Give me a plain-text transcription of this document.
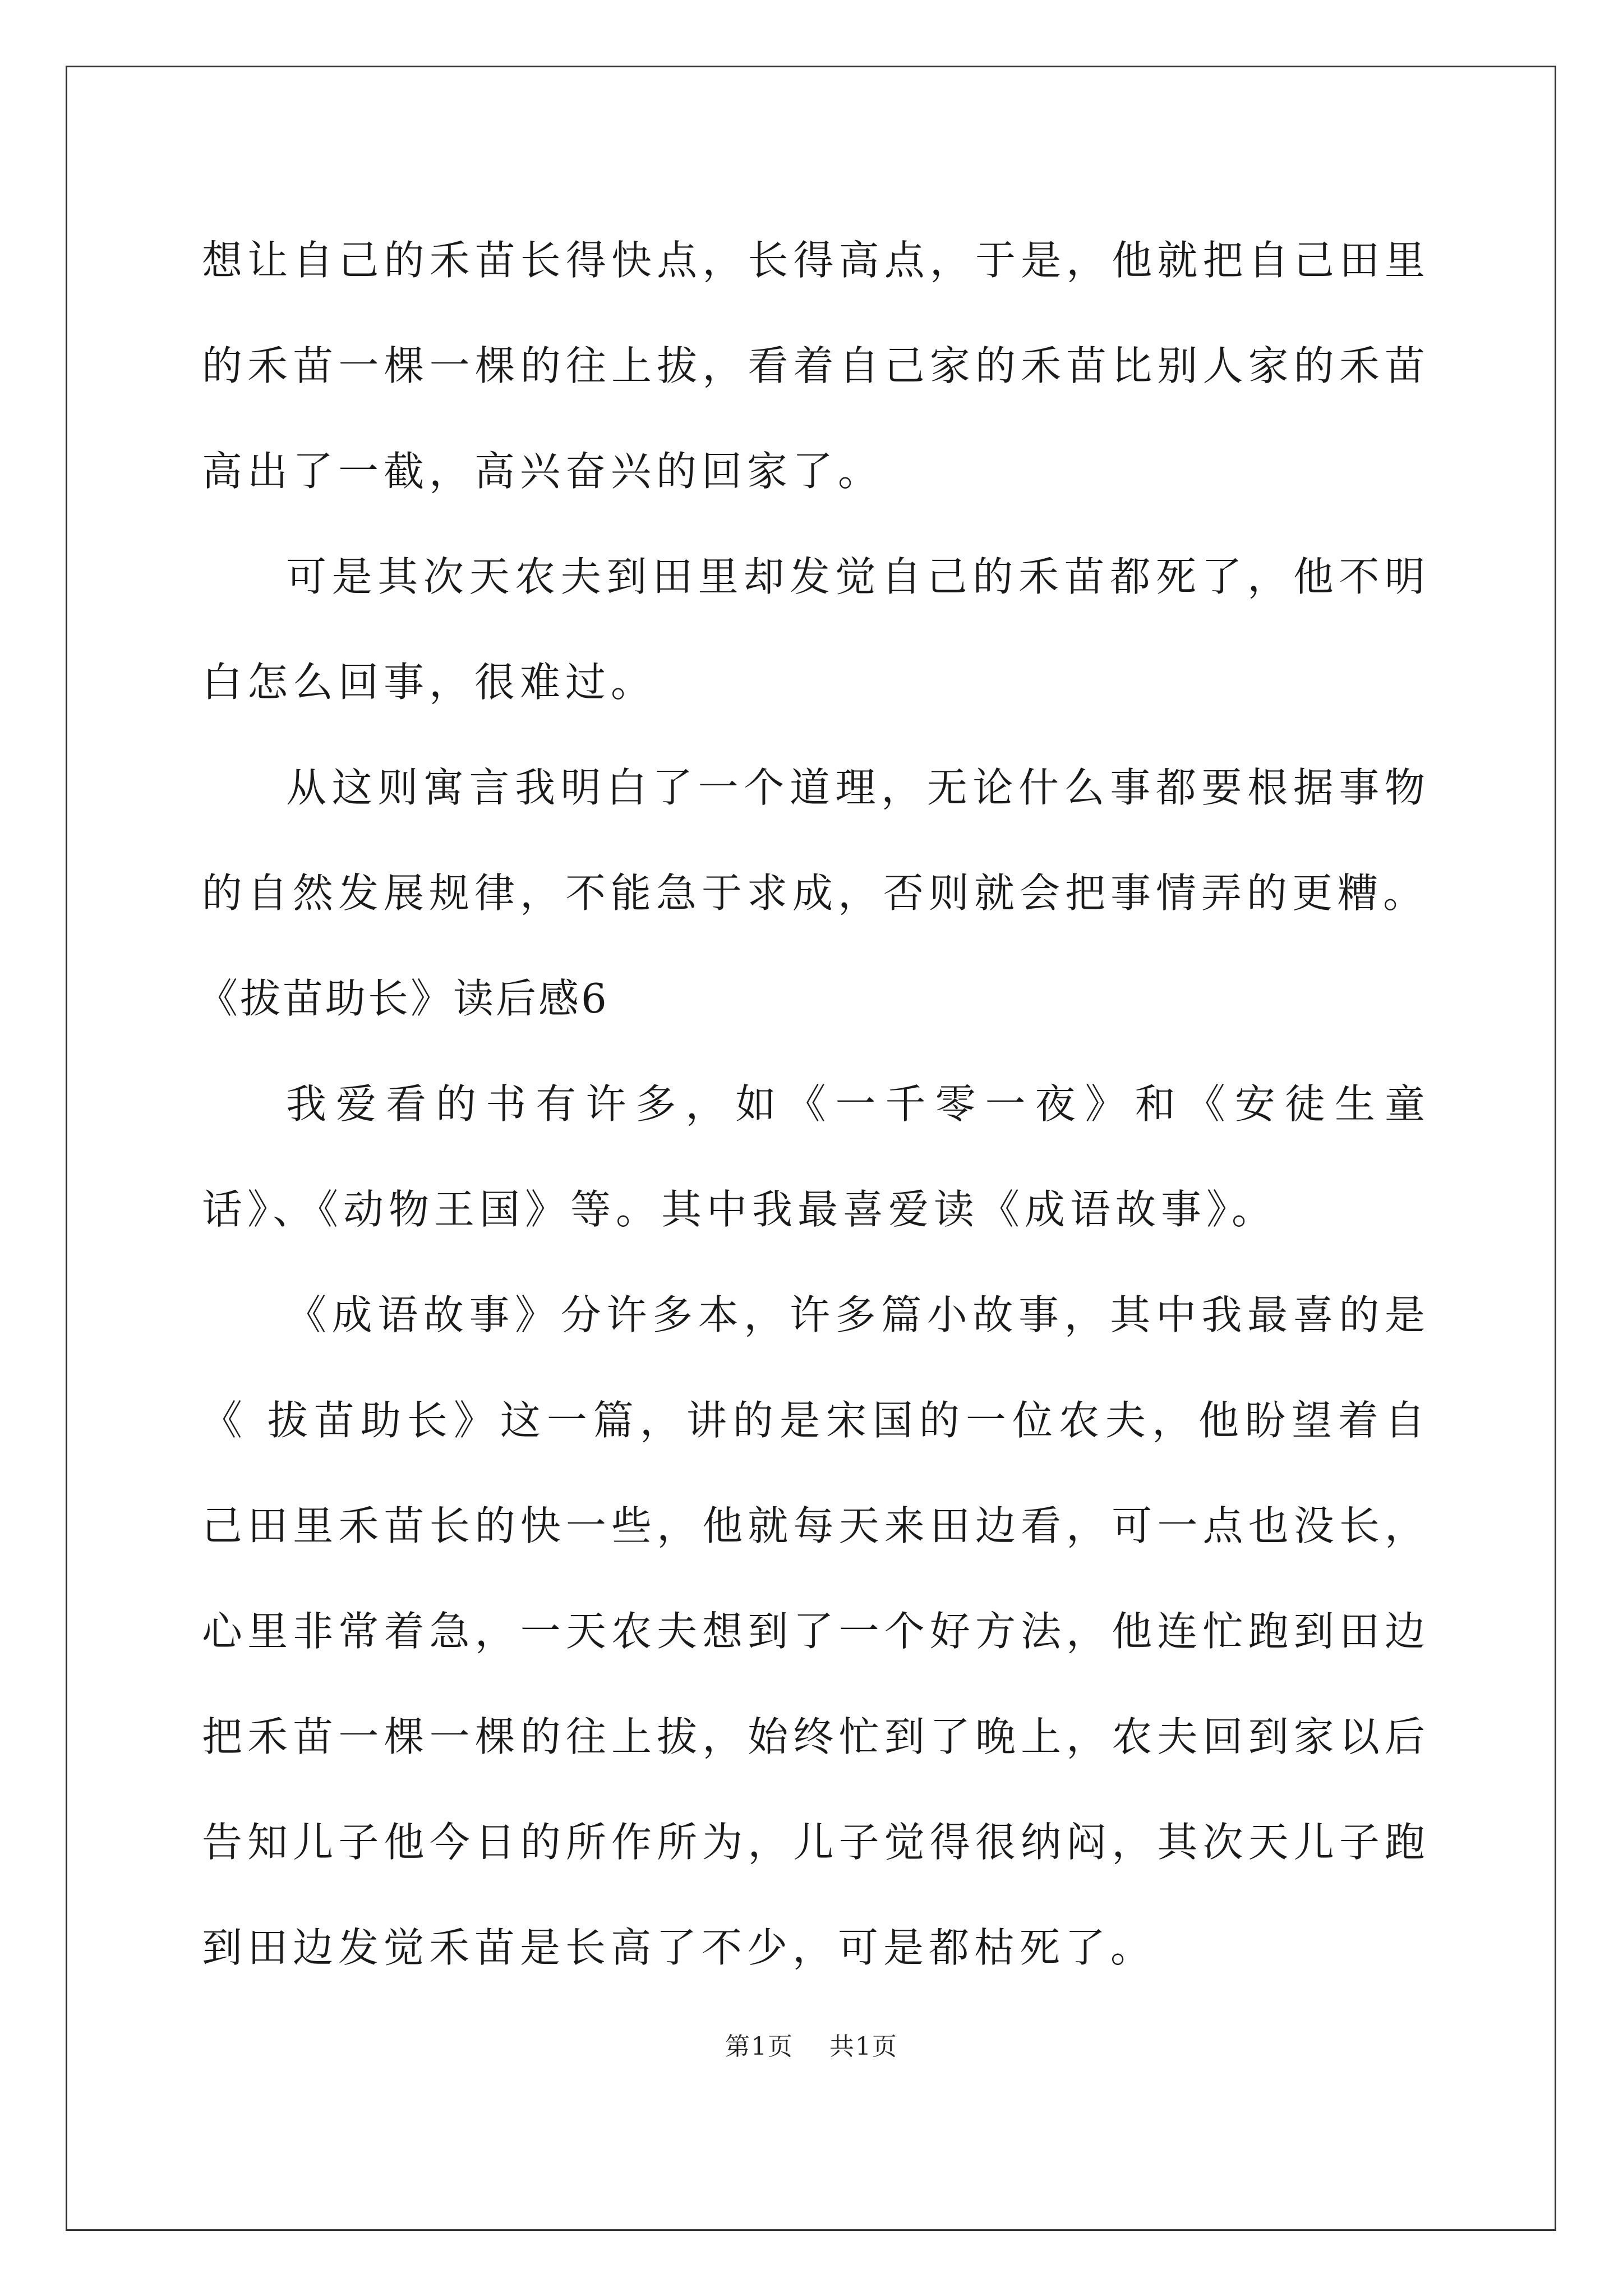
想让自己的禾苗长得快点，长得高点，于是，他就把自己田里的禾苗一棵一棵的往上拔，看着自己家的禾苗比别人家的禾苗高出了一截，高兴奋兴的回家了。

可是其次天农夫到田里却发觉自己的禾苗都死了，他不明白怎么回事，很难过。

从这则寓言我明白了一个道理，无论什么事都要根据事物的自然发展规律，不能急于求成，否则就会把事情弄的更糟。

《拔苗助长》读后感6

我爱看的书有许多，如《一千零一夜》和《安徒生童话》、《动物王国》等。其中我最喜爱读《成语故事》。

《成语故事》分许多本，许多篇小故事，其中我最喜的是《 拔苗助长》这一篇，讲的是宋国的一位农夫，他盼望着自己田里禾苗长的快一些，他就每天来田边看，可一点也没长，心里非常着急，一天农夫想到了一个好方法，他连忙跑到田边把禾苗一棵一棵的往上拔，始终忙到了晚上，农夫回到家以后告知儿子他今日的所作所为，儿子觉得很纳闷，其次天儿子跑到田边发觉禾苗是长高了不少，可是都枯死了。

第1页 共1页
